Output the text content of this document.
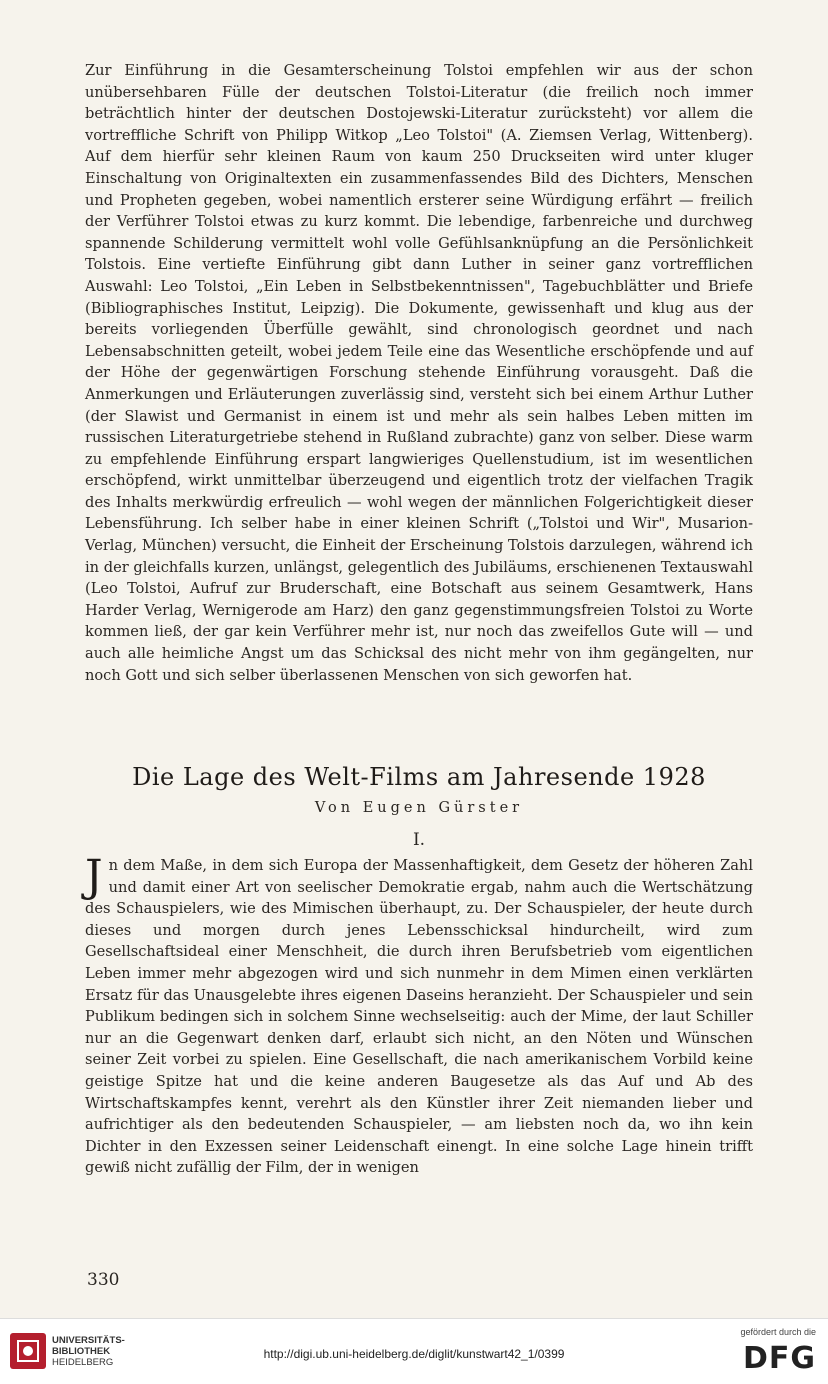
Zur Einführung in die Gesamterscheinung Tolstoi empfehlen wir aus der schon unübersehbaren Fülle der deutschen Tolstoi-Literatur (die freilich noch immer beträchtlich hinter der deutschen Dostojewski-Literatur zurücksteht) vor allem die vortreffliche Schrift von Philipp Witkop „Leo Tolstoi" (A. Ziemsen Verlag, Wittenberg). Auf dem hierfür sehr kleinen Raum von kaum 250 Druckseiten wird unter kluger Einschaltung von Originaltexten ein zusammenfassendes Bild des Dichters, Menschen und Propheten gegeben, wobei namentlich ersterer seine Würdigung erfährt — freilich der Verführer Tolstoi etwas zu kurz kommt. Die lebendige, farbenreiche und durchweg spannende Schilderung vermittelt wohl volle Gefühlsanknüpfung an die Persönlichkeit Tolstois. Eine vertiefte Einführung gibt dann Luther in seiner ganz vortrefflichen Auswahl: Leo Tolstoi, „Ein Leben in Selbstbekenntnissen", Tagebuchblätter und Briefe (Bibliographisches Institut, Leipzig). Die Dokumente, gewissenhaft und klug aus der bereits vorliegenden Überfülle gewählt, sind chronologisch geordnet und nach Lebensabschnitten geteilt, wobei jedem Teile eine das Wesentliche erschöpfende und auf der Höhe der gegenwärtigen Forschung stehende Einführung vorausgeht. Daß die Anmerkungen und Erläuterungen zuverlässig sind, versteht sich bei einem Arthur Luther (der Slawist und Germanist in einem ist und mehr als sein halbes Leben mitten im russischen Literaturgetriebe stehend in Rußland zubrachte) ganz von selber. Diese warm zu empfehlende Einführung erspart langwieriges Quellenstudium, ist im wesentlichen erschöpfend, wirkt unmittelbar überzeugend und eigentlich trotz der vielfachen Tragik des Inhalts merkwürdig erfreulich — wohl wegen der männlichen Folgerichtigkeit dieser Lebensführung. Ich selber habe in einer kleinen Schrift („Tolstoi und Wir", Musarion-Verlag, München) versucht, die Einheit der Erscheinung Tolstois darzulegen, während ich in der gleichfalls kurzen, unlängst, gelegentlich des Jubiläums, erschienenen Textauswahl (Leo Tolstoi, Aufruf zur Bruderschaft, eine Botschaft aus seinem Gesamtwerk, Hans Harder Verlag, Wernigerode am Harz) den ganz gegenstimmungsfreien Tolstoi zu Worte kommen ließ, der gar kein Verführer mehr ist, nur noch das zweifellos Gute will — und auch alle heimliche Angst um das Schicksal des nicht mehr von ihm gegängelten, nur noch Gott und sich selber überlassenen Menschen von sich geworfen hat.

Die Lage des Welt-Films am Jahresende 1928
Von Eugen Gürster
I.

J n dem Maße, in dem sich Europa der Massenhaftigkeit, dem Gesetz der höheren Zahl und damit einer Art von seelischer Demokratie ergab, nahm auch die Wertschätzung des Schauspielers, wie des Mimischen überhaupt, zu. Der Schauspieler, der heute durch dieses und morgen durch jenes Lebensschicksal hindurcheilt, wird zum Gesellschaftsideal einer Menschheit, die durch ihren Berufsbetrieb vom eigentlichen Leben immer mehr abgezogen wird und sich nunmehr in dem Mimen einen verklärten Ersatz für das Unausgelebte ihres eigenen Daseins heranzieht. Der Schauspieler und sein Publikum bedingen sich in solchem Sinne wechselseitig: auch der Mime, der laut Schiller nur an die Gegenwart denken darf, erlaubt sich nicht, an den Nöten und Wünschen seiner Zeit vorbei zu spielen. Eine Gesellschaft, die nach amerikanischem Vorbild keine geistige Spitze hat und die keine anderen Baugesetze als das Auf und Ab des Wirtschaftskampfes kennt, verehrt als den Künstler ihrer Zeit niemanden lieber und aufrichtiger als den bedeutenden Schauspieler, — am liebsten noch da, wo ihn kein Dichter in den Exzessen seiner Leidenschaft einengt. In eine solche Lage hinein trifft gewiß nicht zufällig der Film, der in wenigen

330
UNIVERSITÄTS-
BIBLIOTHEK
HEIDELBERG
http://digi.ub.uni-heidelberg.de/diglit/kunstwart42_1/0399
gefördert durch die
DFG
